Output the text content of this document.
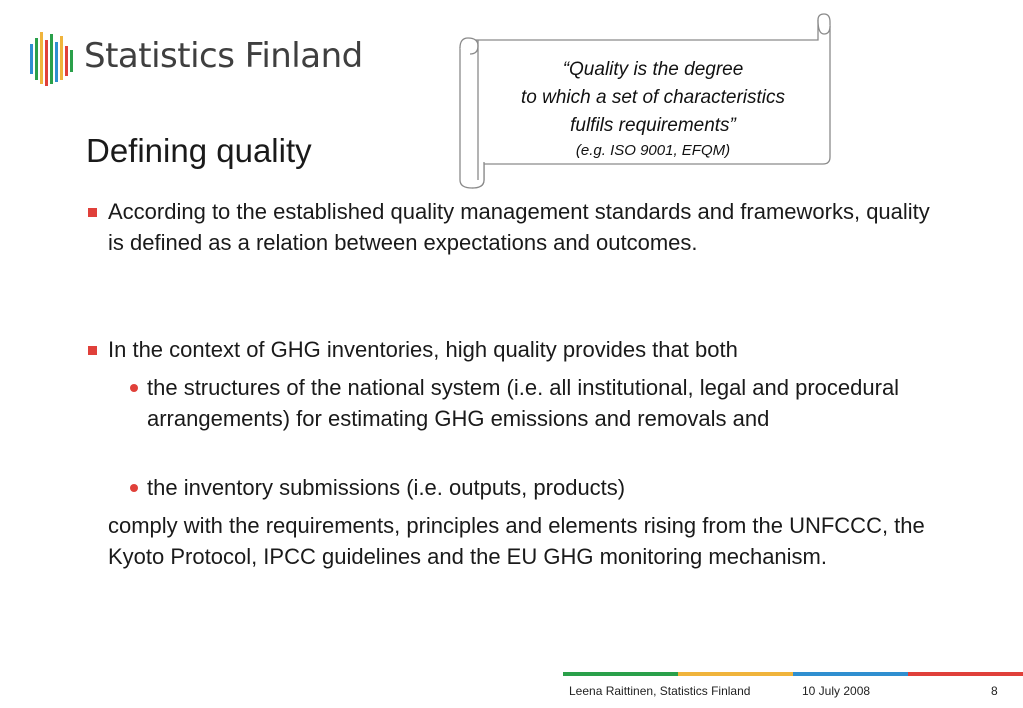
Statistics Finland
Defining quality
“Quality is the degree
to which a set of characteristics
fulfils requirements”
(e.g. ISO 9001, EFQM)
According to the established quality management standards and frameworks, quality is defined as a relation between expectations and outcomes.
In the context of GHG inventories, high quality provides that both
the structures of the national system (i.e. all institutional, legal and procedural arrangements) for estimating GHG emissions and removals and
the inventory submissions (i.e. outputs, products)
comply with the requirements, principles and elements rising from the UNFCCC, the Kyoto Protocol, IPCC guidelines and the EU GHG monitoring mechanism.
Leena Raittinen, Statistics Finland	10 July 2008	8
